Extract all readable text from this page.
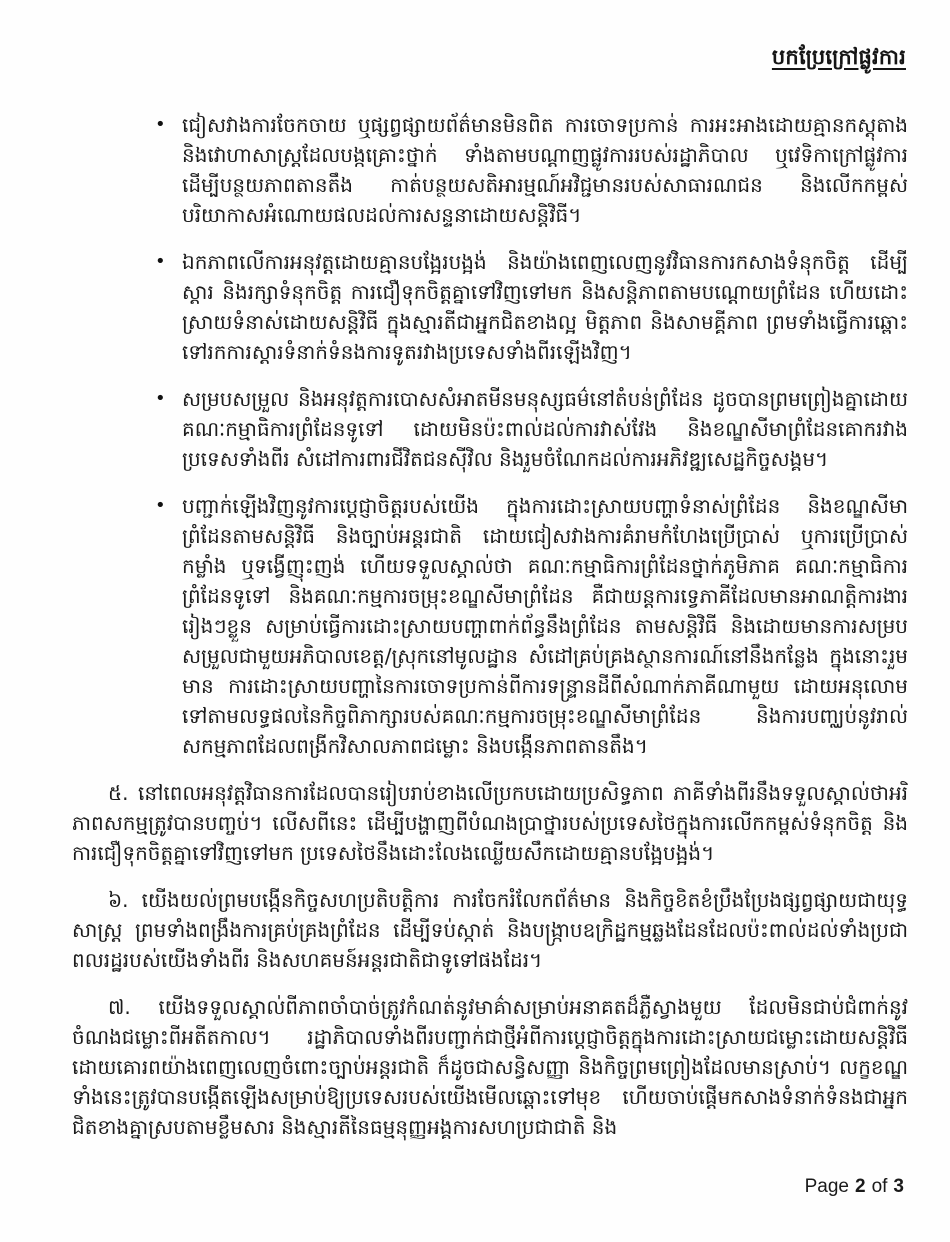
បកប្រែក្រៅផ្លូវការ
• ជៀសវាងការចែកចាយ ឬផ្សព្វផ្សាយព័ត៌មានមិនពិត ការចោទប្រកាន់ ការអះអាងដោយគ្មានកស្តុតាង និងវោហាសាស្ត្រដែលបង្កគ្រោះថ្នាក់ ទាំងតាមបណ្តាញផ្លូវការរបស់រដ្ឋាភិបាល ឬវេទិកាក្រៅផ្លូវការ ដើម្បីបន្ថយភាពតានតឹង កាត់បន្ថយសតិអារម្មណ៍អវិជ្ជមានរបស់សាធារណជន និងលើកកម្ពស់បរិយាកាសអំណោយផលដល់ការសន្ទនាដោយសន្តិវិធី។
• ឯកភាពលើការអនុវត្តដោយគ្មានបង្អែរបង្អង់ និងយ៉ាងពេញលេញនូវវិធានការកសាងទំនុកចិត្ត ដើម្បីស្តារ និងរក្សាទំនុកចិត្ត ការជឿទុកចិត្តគ្នាទៅវិញទៅមក និងសន្តិភាពតាមបណ្តោយព្រំដែន ហើយដោះស្រាយទំនាស់ដោយសន្តិវិធី ក្នុងស្មារតីជាអ្នកជិតខាងល្អ មិត្តភាព និងសាមគ្គីភាព ព្រមទាំងធ្វើការឆ្ពោះទៅរកការស្តារទំនាក់ទំនងការទូតរវាងប្រទេសទាំងពីរឡើងវិញ។
• សម្របសម្រួល និងអនុវត្តការបោសសំអាតមីនមនុស្សធម៌នៅតំបន់ព្រំដែន ដូចបានព្រមព្រៀងគ្នាដោយគណៈកម្មាធិការព្រំដែនទូទៅ ដោយមិនប៉ះពាល់ដល់ការវាស់វែង និងខណ្ឌសីមាព្រំដែនគោករវាងប្រទេសទាំងពីរ សំដៅការពារជីវិតជនស៊ីវិល និងរួមចំណែកដល់ការអភិវឌ្ឍសេដ្ឋកិច្ចសង្គម។
• បញ្ជាក់ឡើងវិញនូវការប្តេជ្ញាចិត្តរបស់យើង ក្នុងការដោះស្រាយបញ្ហាទំនាស់ព្រំដែន និងខណ្ឌសីមាព្រំដែនតាមសន្តិវិធី និងច្បាប់អន្តរជាតិ ដោយជៀសវាងការគំរាមកំហែងប្រើប្រាស់ ឬការប្រើប្រាស់កម្លាំង ឬទង្វើញុះញង់ ហើយទទួលស្គាល់ថា គណៈកម្មាធិការព្រំដែនថ្នាក់ភូមិភាគ គណៈកម្មាធិការព្រំដែនទូទៅ និងគណៈកម្មការចម្រុះខណ្ឌសីមាព្រំដែន គឺជាយន្តការទ្វេភាគីដែលមានអាណត្តិការងាររៀងៗខ្លួន សម្រាប់ធ្វើការដោះស្រាយបញ្ហាពាក់ព័ន្ធនឹងព្រំដែន តាមសន្តិវិធី និងដោយមានការសម្របសម្រួលជាមួយអភិបាលខេត្ត/ស្រុកនៅមូលដ្ឋាន សំដៅគ្រប់គ្រងស្ថានការណ៍នៅនឹងកន្លែង ក្នុងនោះរួមមាន ការដោះស្រាយបញ្ហានៃការចោទប្រកាន់ពីការទន្ទ្រានដីពីសំណាក់ភាគីណាមួយ ដោយអនុលោមទៅតាមលទ្ធផលនៃកិច្ចពិភាក្សារបស់គណៈកម្មការចម្រុះខណ្ឌសីមាព្រំដែន និងការបញ្ឈប់នូវរាល់សកម្មភាពដែលពង្រីកវិសាលភាពជម្លោះ និងបង្កើនភាពតានតឹង។

៥. នៅពេលអនុវត្តវិធានការដែលបានរៀបរាប់ខាងលើប្រកបដោយប្រសិទ្ធភាព ភាគីទាំងពីរនឹងទទួលស្គាល់ថាអរិភាពសកម្មត្រូវបានបញ្ចប់។ លើសពីនេះ ដើម្បីបង្ហាញពីបំណងប្រាថ្នារបស់ប្រទេសថៃក្នុងការលើកកម្ពស់ទំនុកចិត្ត និងការជឿទុកចិត្តគ្នាទៅវិញទៅមក ប្រទេសថៃនឹងដោះលែងឈ្លើយសឹកដោយគ្មានបង្អែបង្អង់។

៦. យើងយល់ព្រមបង្កើនកិច្ចសហប្រតិបត្តិការ ការចែករំលែកព័ត៌មាន និងកិច្ចខិតខំប្រឹងប្រែងផ្សព្វផ្សាយជាយុទ្ធសាស្ត្រ ព្រមទាំងពង្រឹងការគ្រប់គ្រងព្រំដែន ដើម្បីទប់ស្កាត់ និងបង្ក្រាបឧក្រិដ្ឋកម្មឆ្លងដែនដែលប៉ះពាល់ដល់ទាំងប្រជាពលរដ្ឋរបស់យើងទាំងពីរ និងសហគមន៍អន្តរជាតិជាទូទៅផងដែរ។

៧. យើងទទួលស្គាល់ពីភាពចាំបាច់ត្រូវកំណត់នូវមាគ៌ាសម្រាប់អនាគតដ៏ភ្លឺស្វាងមួយ ដែលមិនជាប់ជំពាក់នូវចំណងជម្លោះពីអតីតកាល។ រដ្ឋាភិបាលទាំងពីរបញ្ជាក់ជាថ្មីអំពីការប្តេជ្ញាចិត្តក្នុងការដោះស្រាយជម្លោះដោយសន្តិវិធី ដោយគោរពយ៉ាងពេញលេញចំពោះច្បាប់អន្តរជាតិ ក៏ដូចជាសន្ធិសញ្ញា និងកិច្ចព្រមព្រៀងដែលមានស្រាប់។ លក្ខខណ្ឌទាំងនេះត្រូវបានបង្កើតឡើងសម្រាប់ឱ្យប្រទេសរបស់យើងមើលឆ្ពោះទៅមុខ ហើយចាប់ផ្តើមកសាងទំនាក់ទំនងជាអ្នកជិតខាងគ្នាស្របតាមខ្លឹមសារ និងស្មារតីនៃធម្មនុញ្ញអង្គការសហប្រជាជាតិ និង

Page 2 of 3
